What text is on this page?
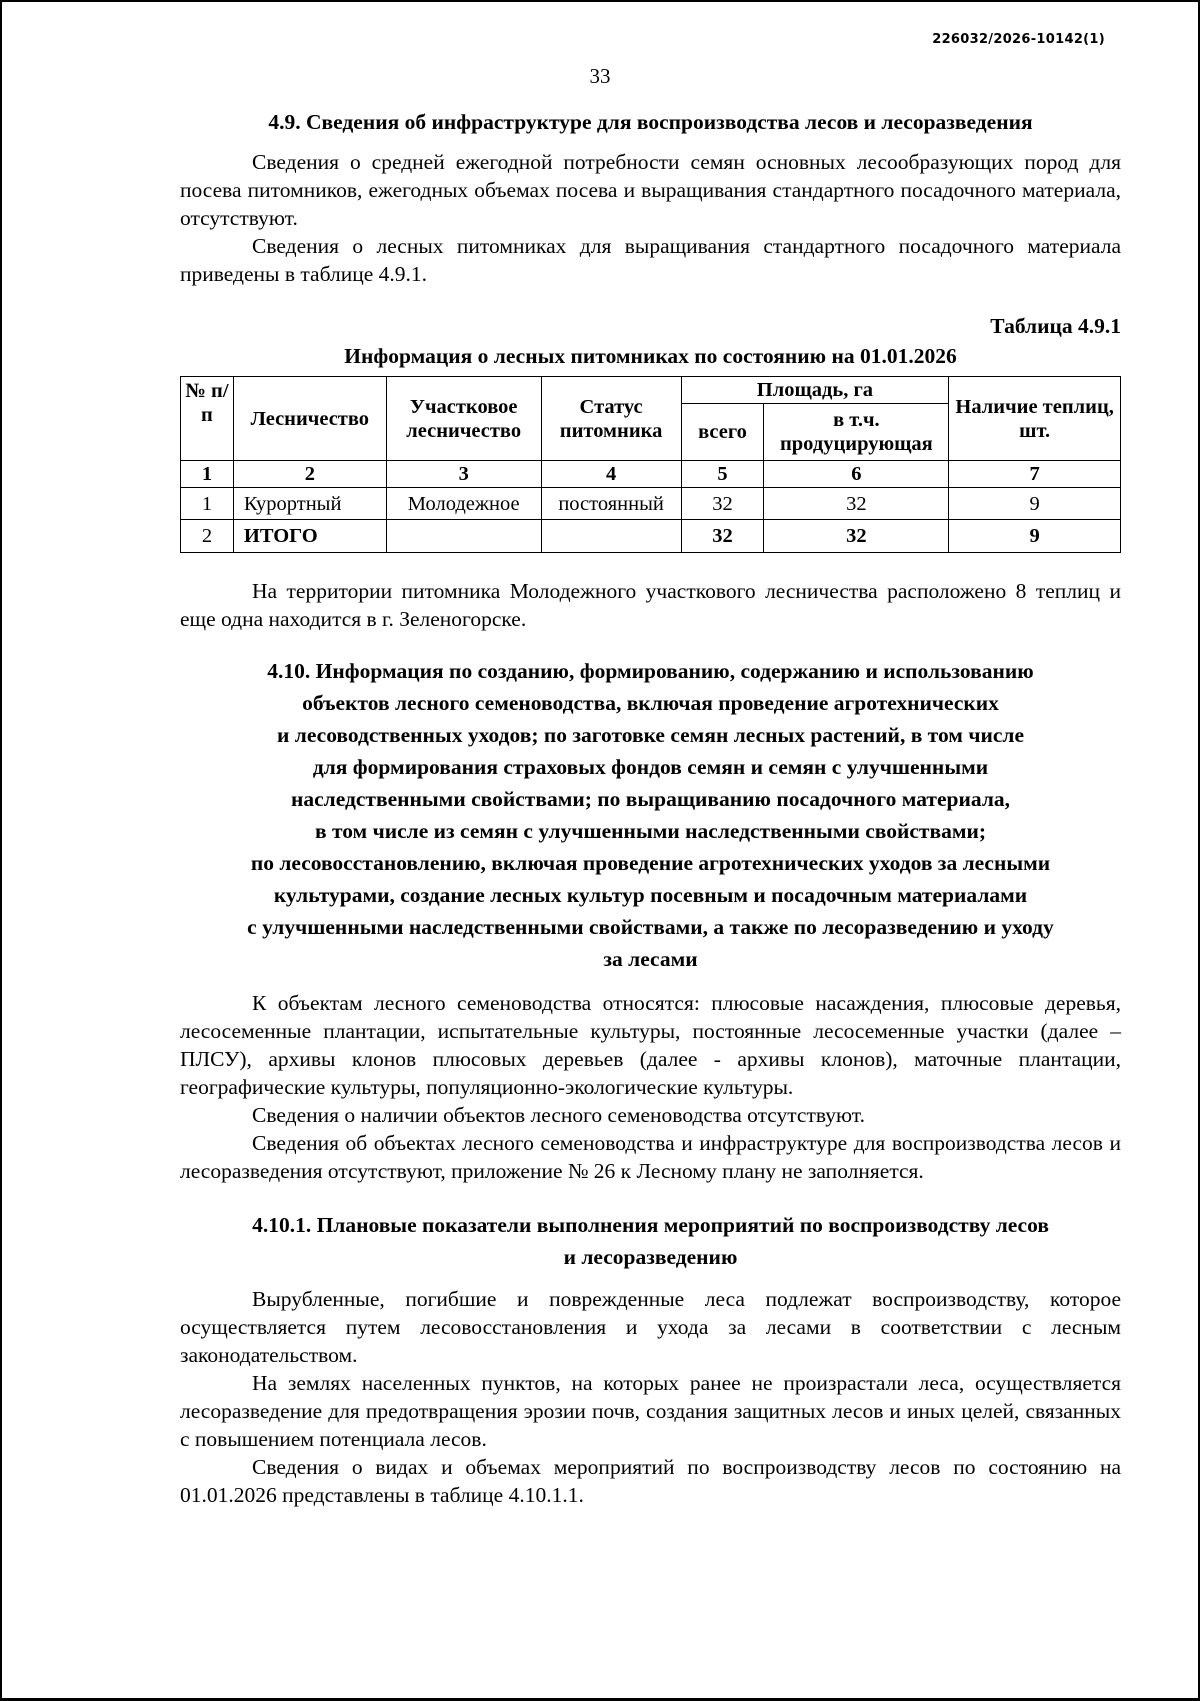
226032/2026-10142(1)
33
4.9. Сведения об инфраструктуре для воспроизводства лесов и лесоразведения

Сведения о средней ежегодной потребности семян основных лесообразующих пород для посева питомников, ежегодных объемах посева и выращивания стандартного посадочного материала, отсутствуют.

Сведения о лесных питомниках для выращивания стандартного посадочного материала приведены в таблице 4.9.1.

Таблица 4.9.1
Информация о лесных питомниках по состоянию на 01.01.2026
№ п/п	Лесничество	Участковое лесничество	Статус питомника	Площадь, га		Наличие теплиц, шт.
				всего	в т.ч. продуцирующая	
1	2	3	4	5	6	7
1	Курортный	Молодежное	постоянный	32	32	9
2	ИТОГО			32	32	9

На территории питомника Молодежного участкового лесничества расположено 8 теплиц и еще одна находится в г. Зеленогорске.

4.10. Информация по созданию, формированию, содержанию и использованию
объектов лесного семеноводства, включая проведение агротехнических
и лесоводственных уходов; по заготовке семян лесных растений, в том числе
для формирования страховых фондов семян и семян с улучшенными
наследственными свойствами; по выращиванию посадочного материала,
в том числе из семян с улучшенными наследственными свойствами;
по лесовосстановлению, включая проведение агротехнических уходов за лесными
культурами, создание лесных культур посевным и посадочным материалами
с улучшенными наследственными свойствами, а также по лесоразведению и уходу
за лесами

К объектам лесного семеноводства относятся: плюсовые насаждения, плюсовые деревья, лесосеменные плантации, испытательные культуры, постоянные лесосеменные участки (далее – ПЛСУ), архивы клонов плюсовых деревьев (далее - архивы клонов), маточные плантации, географические культуры, популяционно-экологические культуры.

Сведения о наличии объектов лесного семеноводства отсутствуют.

Сведения об объектах лесного семеноводства и инфраструктуре для воспроизводства лесов и лесоразведения отсутствуют, приложение № 26 к Лесному плану не заполняется.

4.10.1. Плановые показатели выполнения мероприятий по воспроизводству лесов
и лесоразведению

Вырубленные, погибшие и поврежденные леса подлежат воспроизводству, которое осуществляется путем лесовосстановления и ухода за лесами в соответствии с лесным законодательством.

На землях населенных пунктов, на которых ранее не произрастали леса, осуществляется лесоразведение для предотвращения эрозии почв, создания защитных лесов и иных целей, связанных с повышением потенциала лесов.

Сведения о видах и объемах мероприятий по воспроизводству лесов по состоянию на 01.01.2026 представлены в таблице 4.10.1.1.
